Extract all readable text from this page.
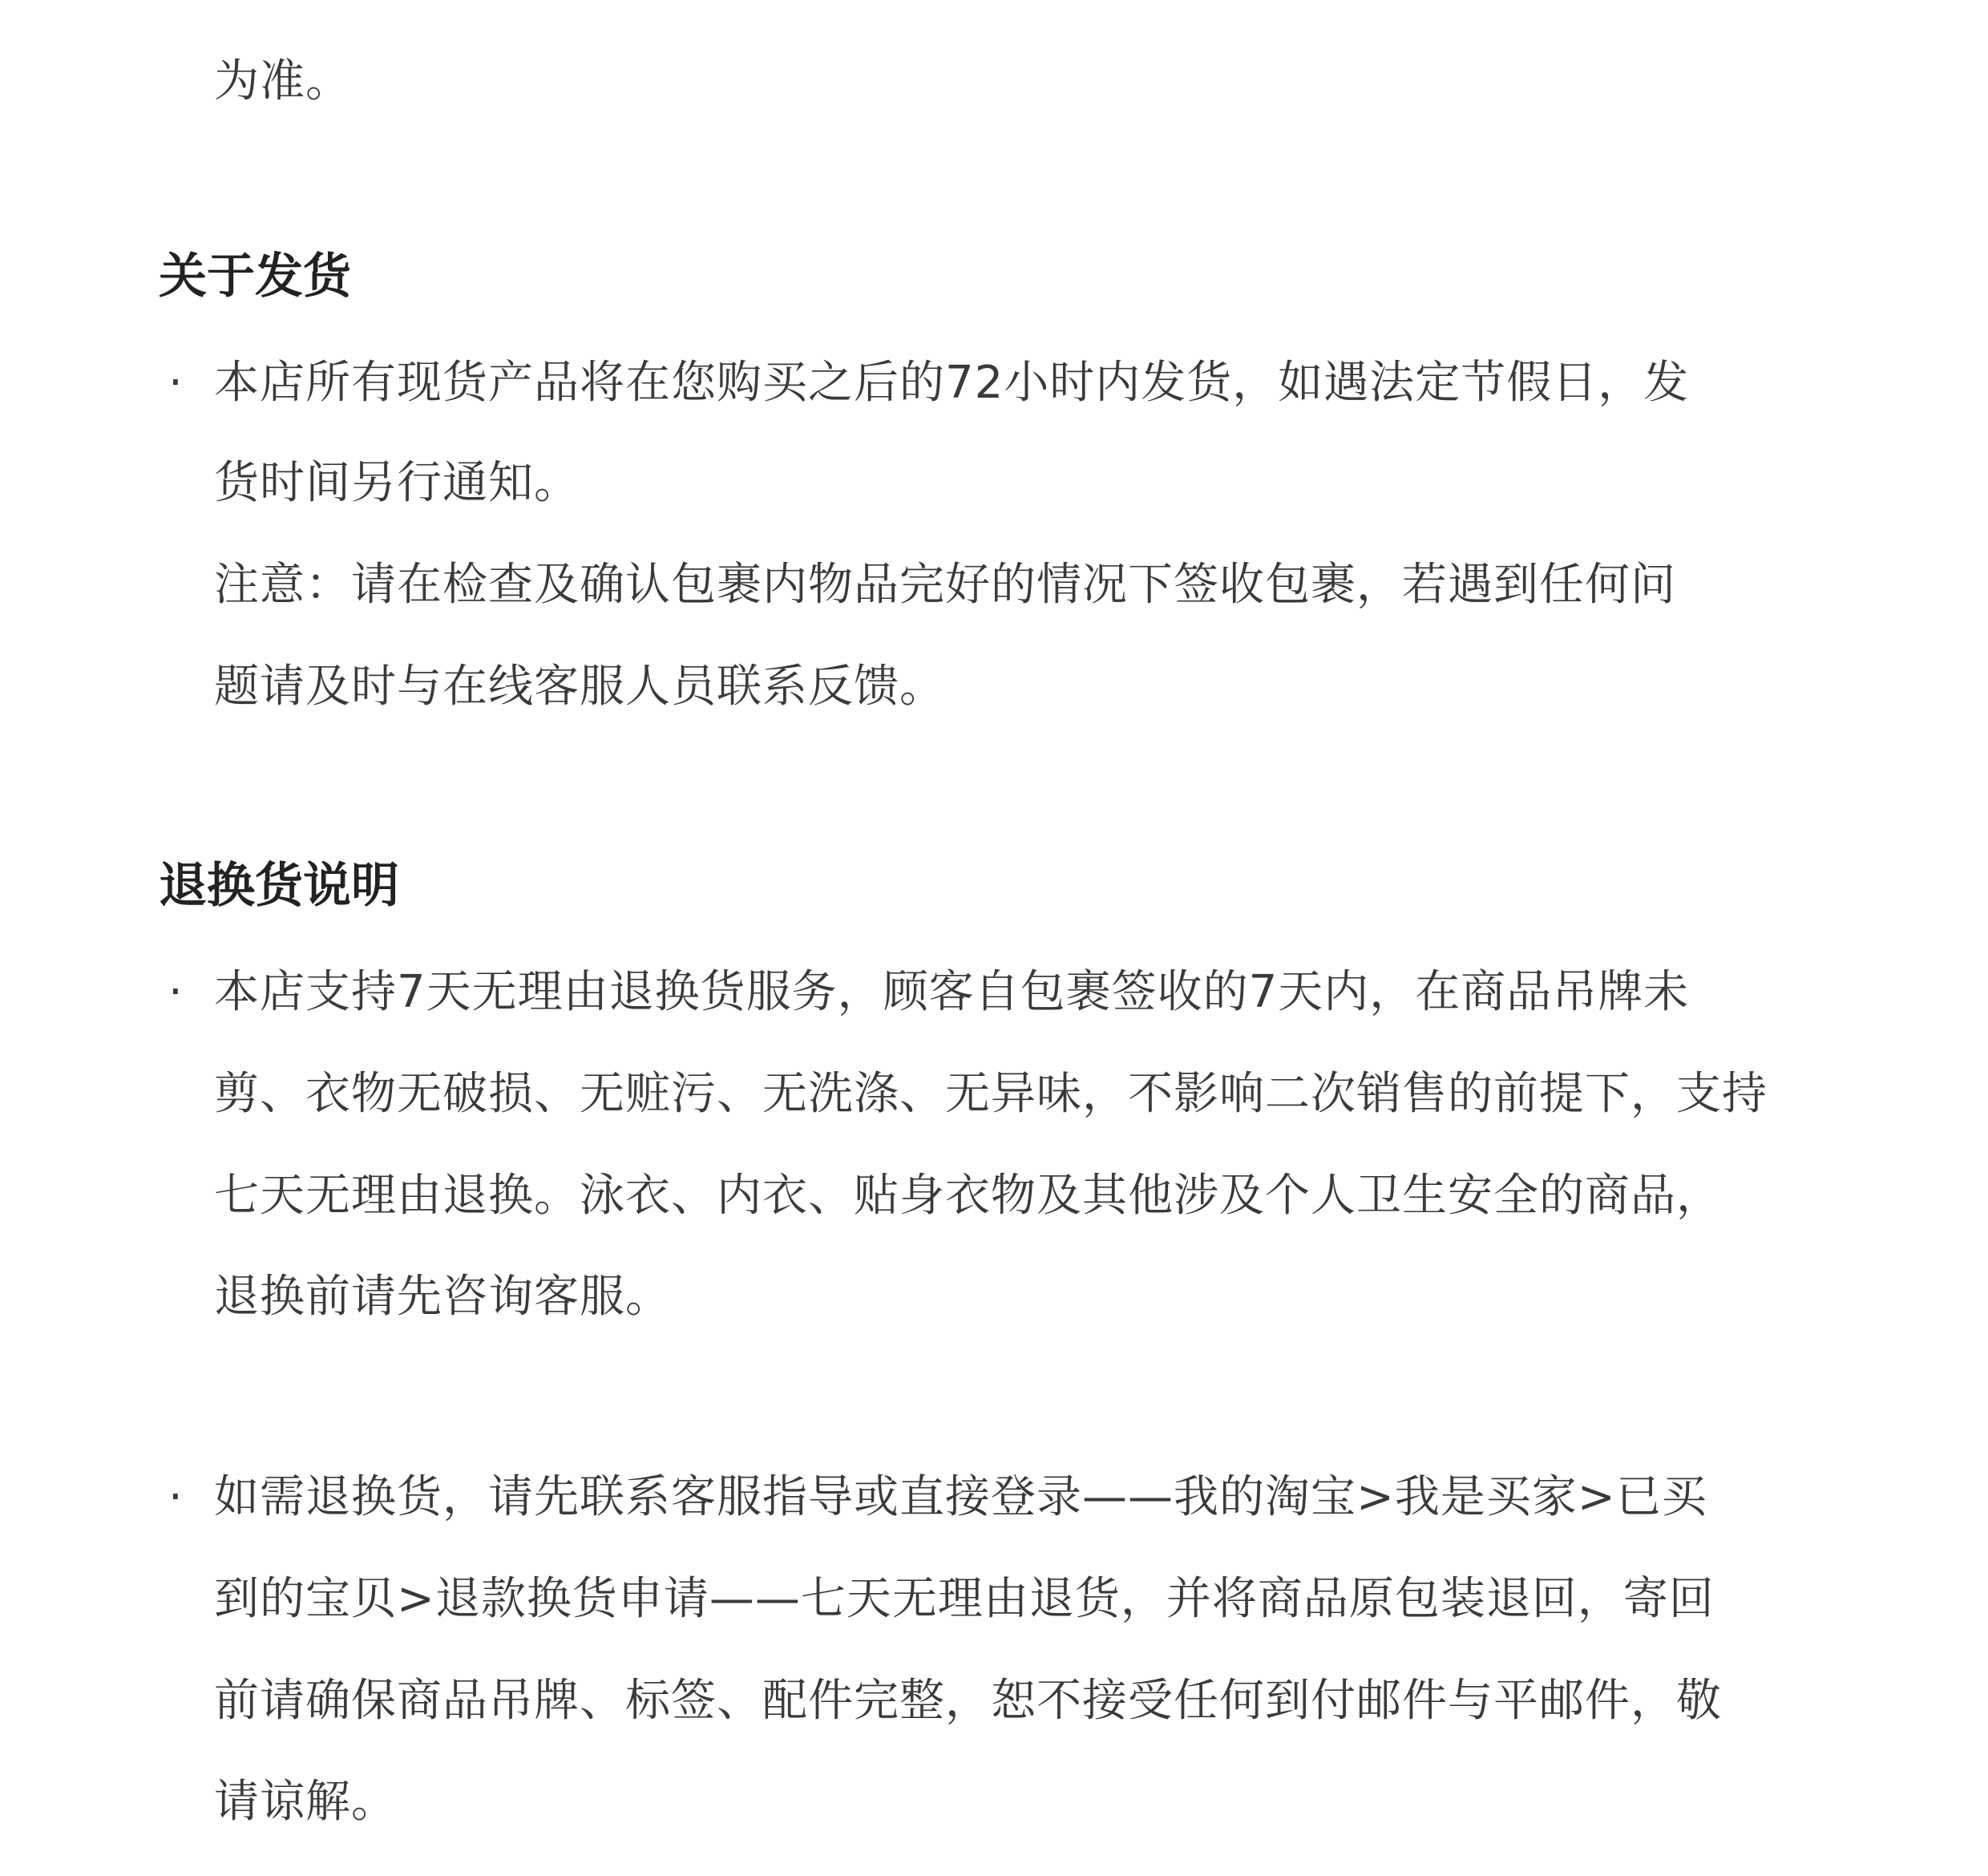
为准。
关于发货
· 本店所有现货产品将在您购买之后的72小时内发货，如遇法定节假日，发
货时间另行通知。
注意：请在检查及确认包裹内物品完好的情况下签收包裹，若遇到任何问
题请及时与在线客服人员联系反馈。
退换货说明
· 本店支持7天无理由退换货服务，顾客自包裹签收的7天内，在商品吊牌未
剪、衣物无破损、无赃污、无洗涤、无异味，不影响二次销售的前提下，支持
七天无理由退换。泳衣、内衣、贴身衣物及其他涉及个人卫生安全的商品，
退换前请先咨询客服。
· 如需退换货，请先联系客服指导或直接登录——我的淘宝>我是买家>已买
到的宝贝>退款换货申请——七天无理由退货，并将商品原包装退回，寄回
前请确保商品吊牌、标签、配件完整，恕不接受任何到付邮件与平邮件，敬
请谅解。
